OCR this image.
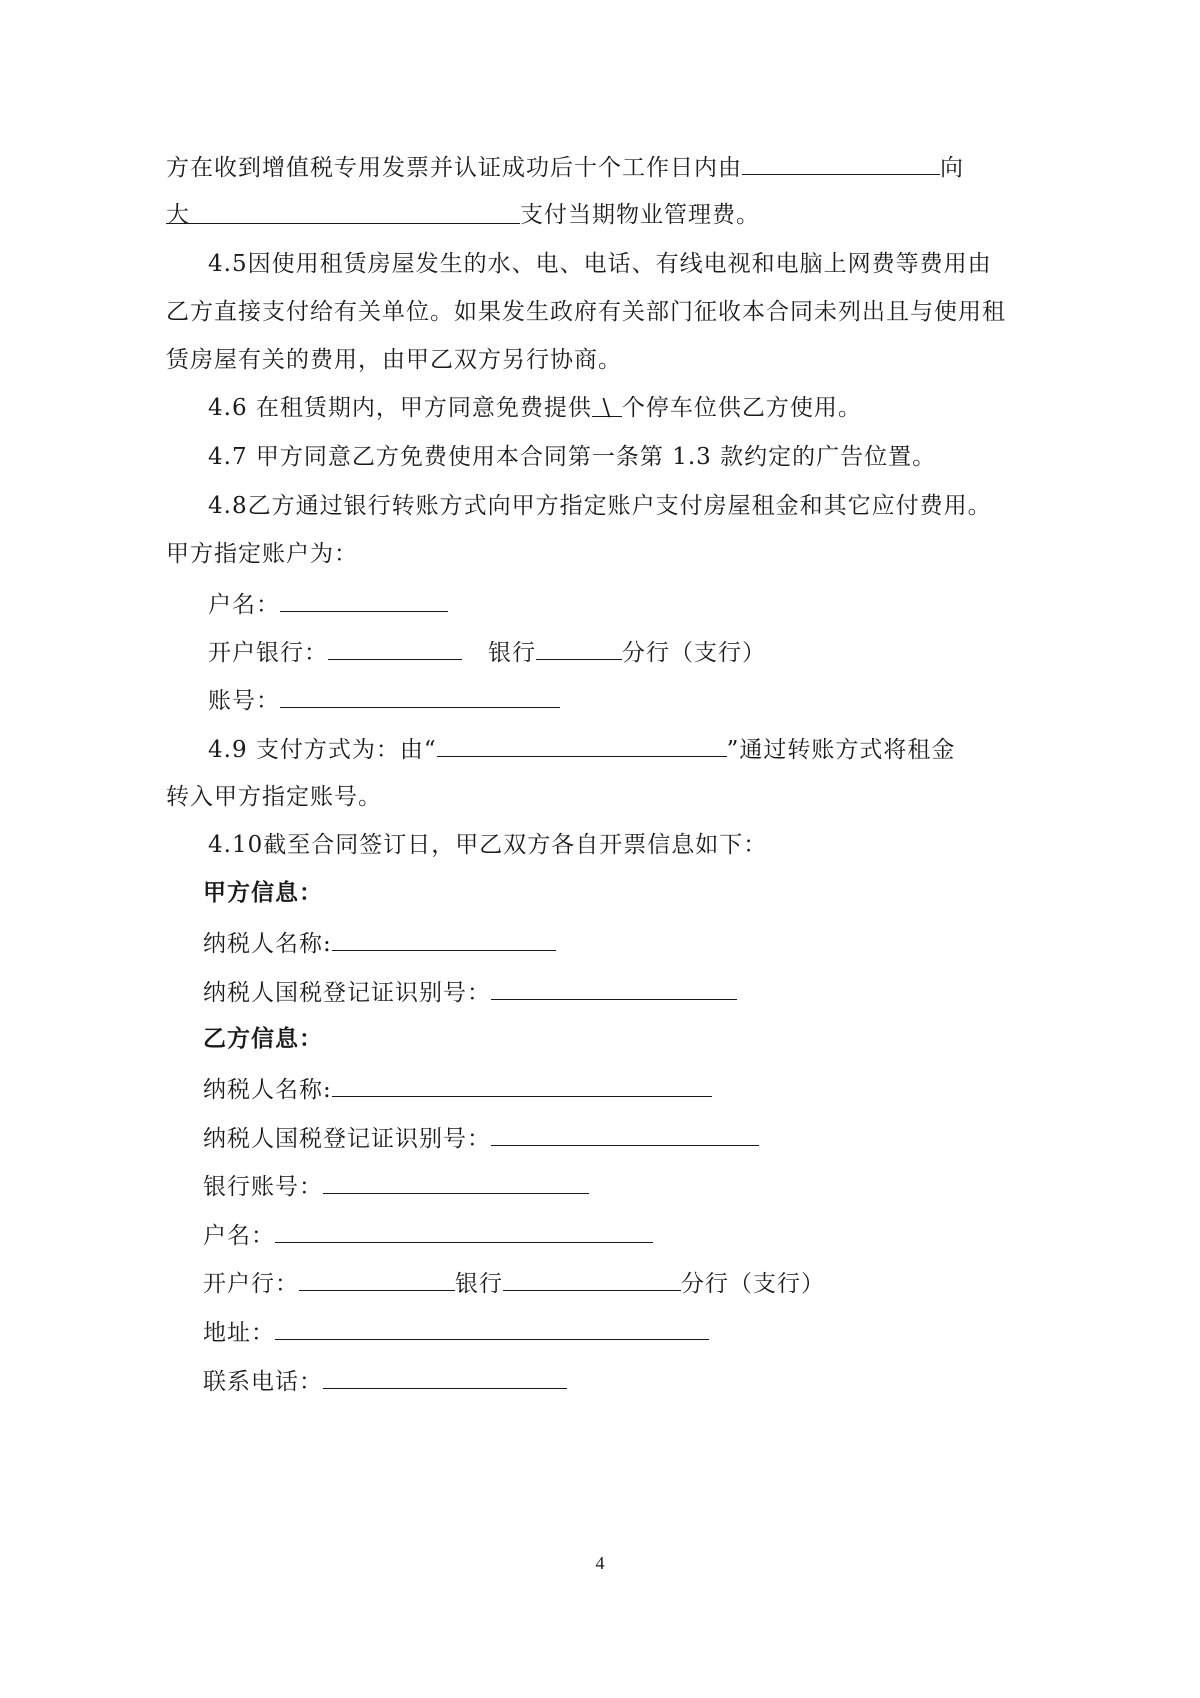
方在收到增值税专用发票并认证成功后十个工作日内由	向
大	支付当期物业管理费。
4.5因使用租赁房屋发生的水、电、电话、有线电视和电脑上网费等费用由
乙方直接支付给有关单位。如果发生政府有关部门征收本合同未列出且与使用租
赁房屋有关的费用，由甲乙双方另行协商。
4.6 在租赁期内，甲方同意免费提供 \ 个停车位供乙方使用。
4.7 甲方同意乙方免费使用本合同第一条第 1.3 款约定的广告位置。
4.8乙方通过银行转账方式向甲方指定账户支付房屋租金和其它应付费用。
甲方指定账户为：
户名：
开户银行：	银行	分行（支行）
账号：
4.9 支付方式为：由“	”通过转账方式将租金
转入甲方指定账号。
4.10截至合同签订日，甲乙双方各自开票信息如下：
甲方信息：
纳税人名称:
纳税人国税登记证识别号：
乙方信息：
纳税人名称:
纳税人国税登记证识别号：
银行账号：
户名：
开户行：	银行	分行（支行）
地址：
联系电话：
4
